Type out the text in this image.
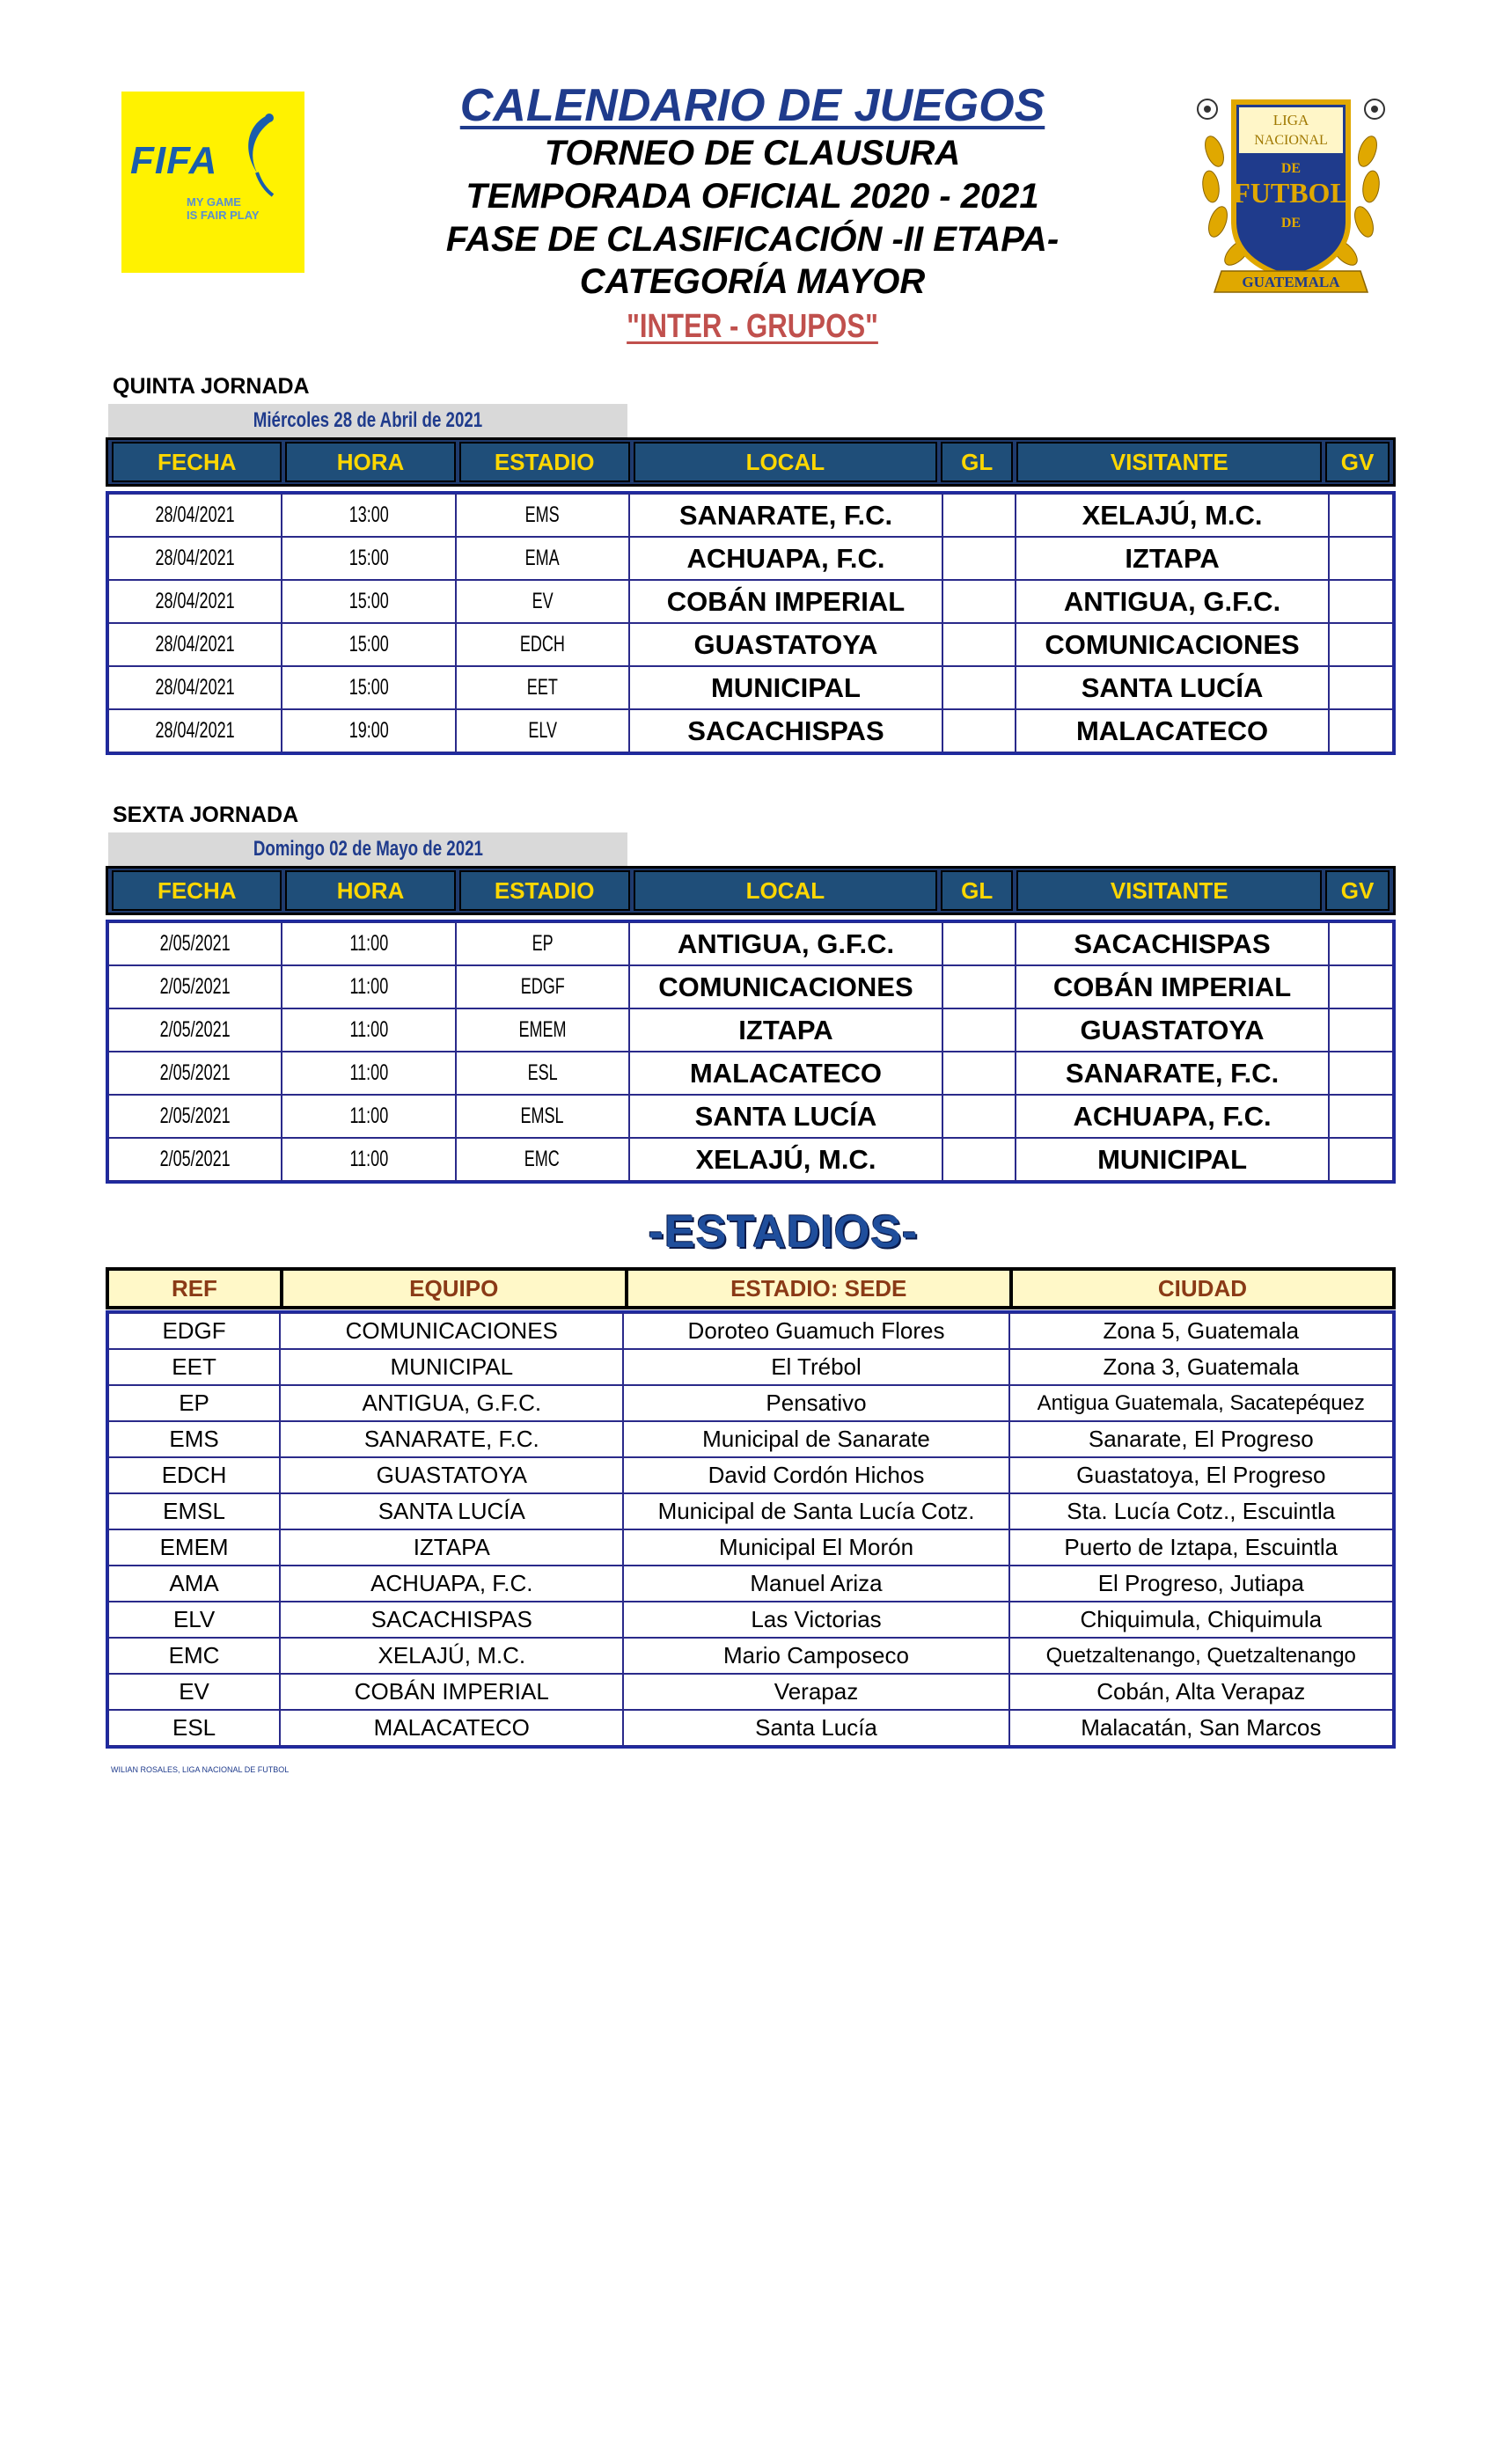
FIFA
MY GAME
IS FAIR PLAY
LIGA
NACIONAL
DE
FUTBOL
DE
GUATEMALA
CALENDARIO DE JUEGOS
TORNEO DE CLAUSURA
TEMPORADA OFICIAL 2020 - 2021
FASE DE CLASIFICACIÓN -II ETAPA-
CATEGORÍA MAYOR
"INTER - GRUPOS"
QUINTA JORNADA
Miércoles 28 de Abril de 2021
FECHA	HORA	ESTADIO	LOCAL	GL	VISITANTE	GV
28/04/2021	13:00	EMS	SANARATE, F.C.		XELAJÚ, M.C.	
28/04/2021	15:00	EMA	ACHUAPA, F.C.		IZTAPA	
28/04/2021	15:00	EV	COBÁN IMPERIAL		ANTIGUA, G.F.C.	
28/04/2021	15:00	EDCH	GUASTATOYA		COMUNICACIONES	
28/04/2021	15:00	EET	MUNICIPAL		SANTA LUCÍA	
28/04/2021	19:00	ELV	SACACHISPAS		MALACATECO	
SEXTA JORNADA
Domingo 02 de Mayo de 2021
FECHA	HORA	ESTADIO	LOCAL	GL	VISITANTE	GV
2/05/2021	11:00	EP	ANTIGUA, G.F.C.		SACACHISPAS	
2/05/2021	11:00	EDGF	COMUNICACIONES		COBÁN IMPERIAL	
2/05/2021	11:00	EMEM	IZTAPA		GUASTATOYA	
2/05/2021	11:00	ESL	MALACATECO		SANARATE, F.C.	
2/05/2021	11:00	EMSL	SANTA LUCÍA		ACHUAPA, F.C.	
2/05/2021	11:00	EMC	XELAJÚ, M.C.		MUNICIPAL	
-ESTADIOS-
REF	EQUIPO	ESTADIO: SEDE	CIUDAD
EDGF	COMUNICACIONES	Doroteo Guamuch Flores	Zona 5, Guatemala
EET	MUNICIPAL	El Trébol	Zona 3, Guatemala
EP	ANTIGUA, G.F.C.	Pensativo	Antigua Guatemala, Sacatepéquez
EMS	SANARATE, F.C.	Municipal de Sanarate	Sanarate, El Progreso
EDCH	GUASTATOYA	David Cordón Hichos	Guastatoya, El Progreso
EMSL	SANTA LUCÍA	Municipal de Santa Lucía Cotz.	Sta. Lucía Cotz., Escuintla
EMEM	IZTAPA	Municipal El Morón	Puerto de Iztapa, Escuintla
AMA	ACHUAPA, F.C.	Manuel Ariza	El Progreso, Jutiapa
ELV	SACACHISPAS	Las Victorias	Chiquimula, Chiquimula
EMC	XELAJÚ, M.C.	Mario Camposeco	Quetzaltenango, Quetzaltenango
EV	COBÁN IMPERIAL	Verapaz	Cobán, Alta Verapaz
ESL	MALACATECO	Santa Lucía	Malacatán, San Marcos
WILIAN ROSALES, LIGA NACIONAL DE FUTBOL
